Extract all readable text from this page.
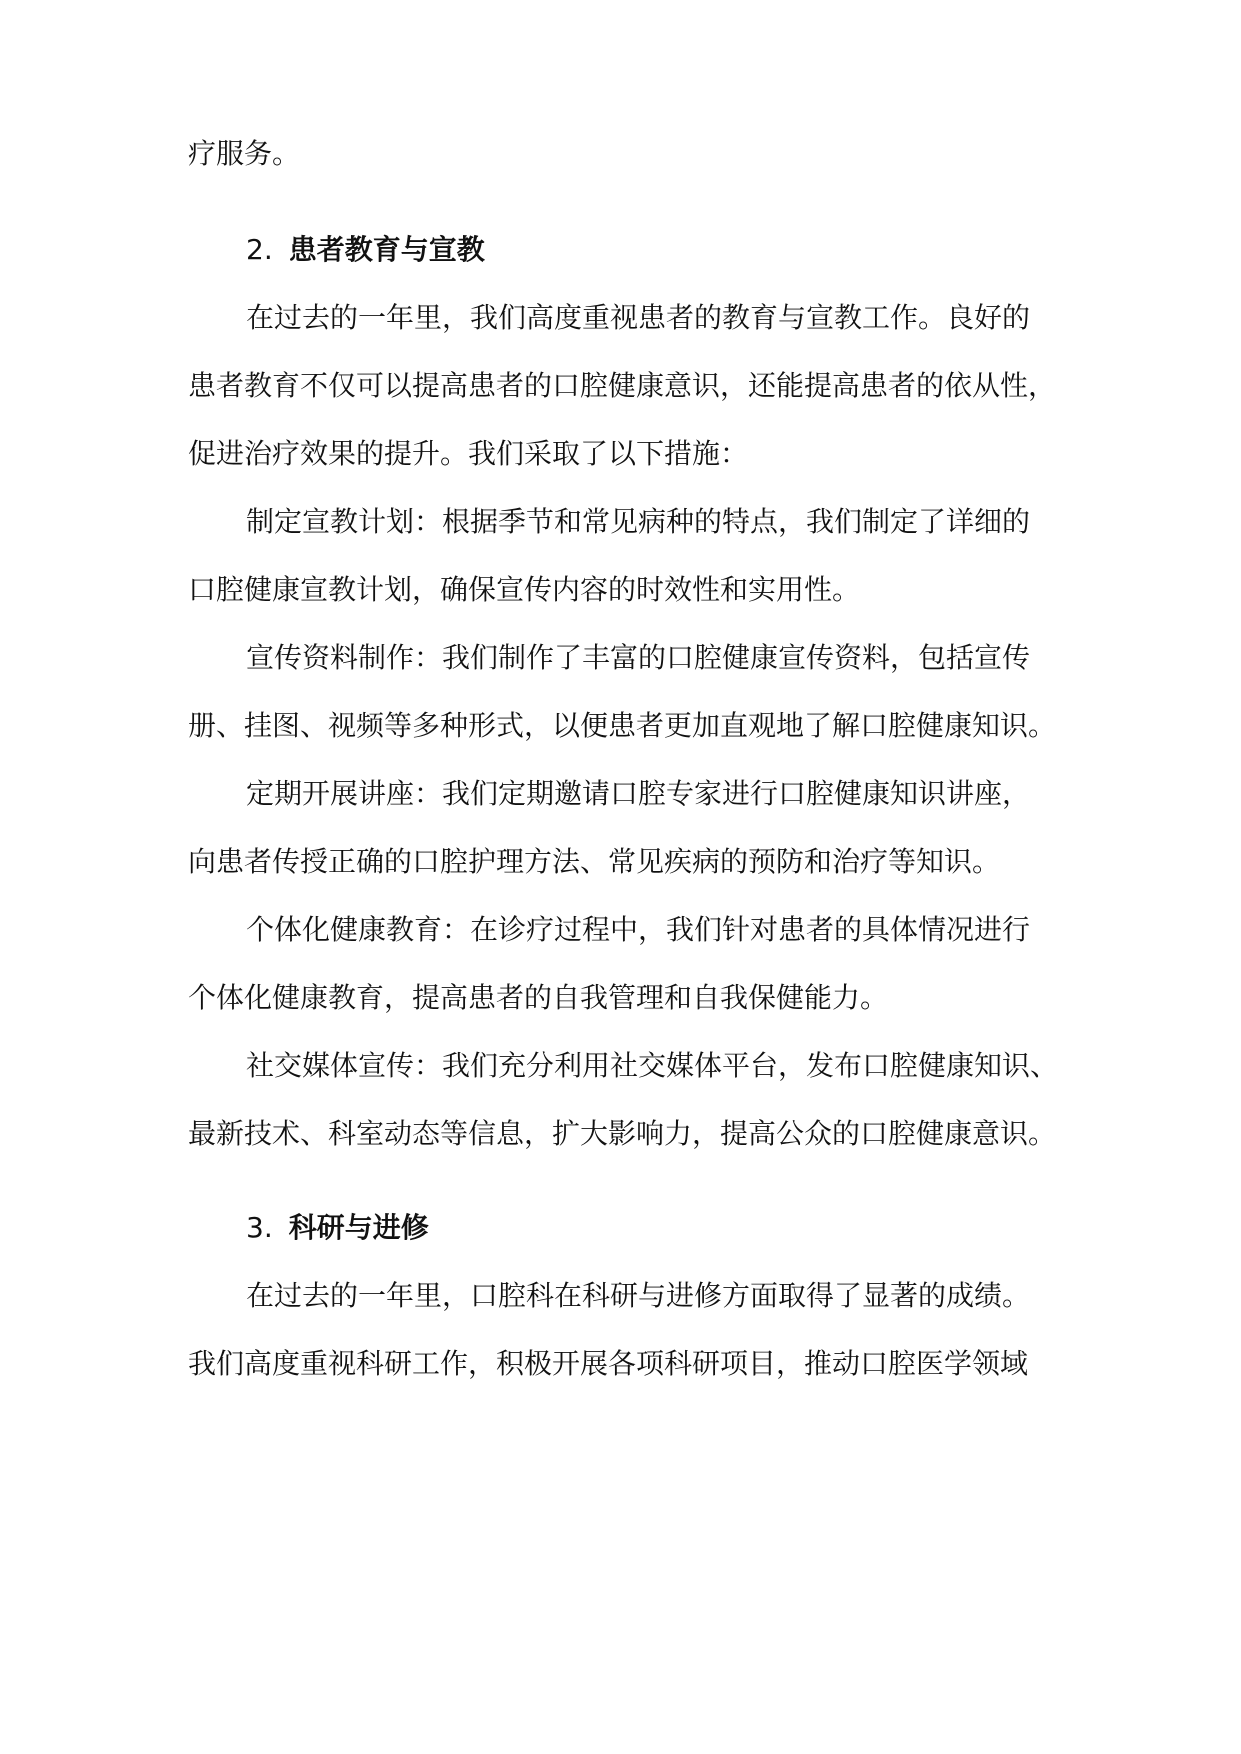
疗服务。
2. 患者教育与宣教
在过去的一年里，我们高度重视患者的教育与宣教工作。良好的
患者教育不仅可以提高患者的口腔健康意识，还能提高患者的依从性，
促进治疗效果的提升。我们采取了以下措施：
制定宣教计划：根据季节和常见病种的特点，我们制定了详细的
口腔健康宣教计划，确保宣传内容的时效性和实用性。
宣传资料制作：我们制作了丰富的口腔健康宣传资料，包括宣传
册、挂图、视频等多种形式，以便患者更加直观地了解口腔健康知识。
定期开展讲座：我们定期邀请口腔专家进行口腔健康知识讲座，
向患者传授正确的口腔护理方法、常见疾病的预防和治疗等知识。
个体化健康教育：在诊疗过程中，我们针对患者的具体情况进行
个体化健康教育，提高患者的自我管理和自我保健能力。
社交媒体宣传：我们充分利用社交媒体平台，发布口腔健康知识、
最新技术、科室动态等信息，扩大影响力，提高公众的口腔健康意识。
3. 科研与进修
在过去的一年里，口腔科在科研与进修方面取得了显著的成绩。
我们高度重视科研工作，积极开展各项科研项目，推动口腔医学领域
